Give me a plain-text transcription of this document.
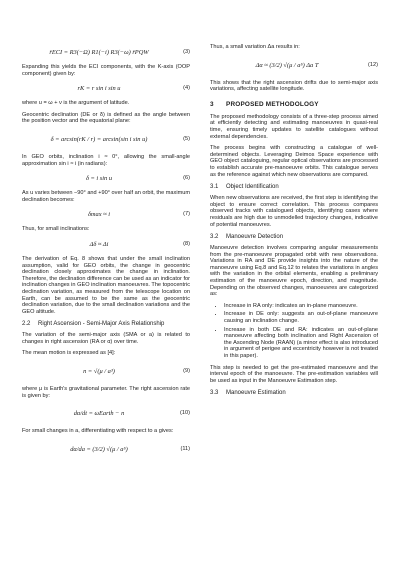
r̄ECI = R3(−Ω) R1(−i) R3(−ω) r̄PQW	(3)

Expanding this yields the ECI components, with the K-axis (OOP component) given by:

rK = r sin i sin u	(4)

where u = ω + ν is the argument of latitude.

Geocentric declination (DE or δ) is defined as the angle between the position vector and the equatorial plane:

δ = arcsin(rK / r) = arcsin(sin i sin u)	(5)

In GEO orbits, inclination i ≈ 0°, allowing the small-angle approximation sin i ≈ i (in radians):

δ = i sin u	(6)

As u varies between −90° and +90° over half an orbit, the maximum declination becomes:

δmax ≈ i	(7)

Thus, for small inclinations:

Δδ ≈ Δi	(8)

The derivation of Eq. 8 shows that under the small inclination assumption, valid for GEO orbits, the change in geocentric declination closely approximates the change in inclination. Therefore, the declination difference can be used as an indicator for inclination changes in GEO inclination manoeuvres. The topocentric declination variation, as measured from the telescope location on Earth, can be assumed to be the same as the geocentric declination variation, due to the small declination variations and the GEO altitude.

2.2 Right Ascension - Semi-Major Axis Relationship

The variation of the semi-major axis (SMA or a) is related to changes in right ascension (RA or α) over time.

The mean motion is expressed as [4]:

n = √(μ / a³)	(9)

where μ is Earth's gravitational parameter. The right ascension rate is given by:

dα/dt = ωEarth − n	(10)

For small changes in a, differentiating with respect to a gives:

dα/da = (3/2) √(μ / a⁵)	(11)

Thus, a small variation Δa results in:

Δα ≈ (3/2) √(μ / a⁵) Δa T	(12)

This shows that the right ascension drifts due to semi-major axis variations, affecting satellite longitude.

3 PROPOSED METHODOLOGY

The proposed methodology consists of a three-step process aimed at efficiently detecting and estimating manoeuvres in quasi-real time, ensuring timely updates to satellite catalogues without external dependencies.

The process begins with constructing a catalogue of well-determined objects. Leveraging Deimos Space experience with GEO object cataloguing, regular optical observations are processed to establish accurate pre-manoeuvre orbits. This catalogue serves as the reference against which new observations are compared.

3.1 Object Identification

When new observations are received, the first step is identifying the object to ensure correct correlation. This process compares observed tracks with catalogued objects, identifying cases where residuals are high due to unmodelled trajectory changes, indicative of potential manoeuvres.

3.2 Manoeuvre Detection

Manoeuvre detection involves comparing angular measurements from the pre-manoeuvre propagated orbit with new observations. Variations in RA and DE provide insights into the nature of the manoeuvre using Eq.8 and Eq.12 to relates the variations in angles with the variation in the orbital elements, enabling a preliminary estimation of the manoeuvre epoch, direction, and magnitude. Depending on the observed changes, manoeuvres are categorized as:

• Increase in RA only: indicates an in-plane manoeuvre.
• Increase in DE only: suggests an out-of-plane manoeuvre causing an inclination change.
• Increase in both DE and RA: indicates an out-of-plane manoeuvre affecting both inclination and Right Ascension of the Ascending Node (RAAN) (a minor effect is also introduced in argument of perigee and eccentricity however is not treated in this paper).

This step is needed to get the pre-estimated manoeuvre and the interval epoch of the manoeuvre. The pre-estimation variables will be used as input in the Manoeuvre Estimation step.

3.3 Manoeuvre Estimation
